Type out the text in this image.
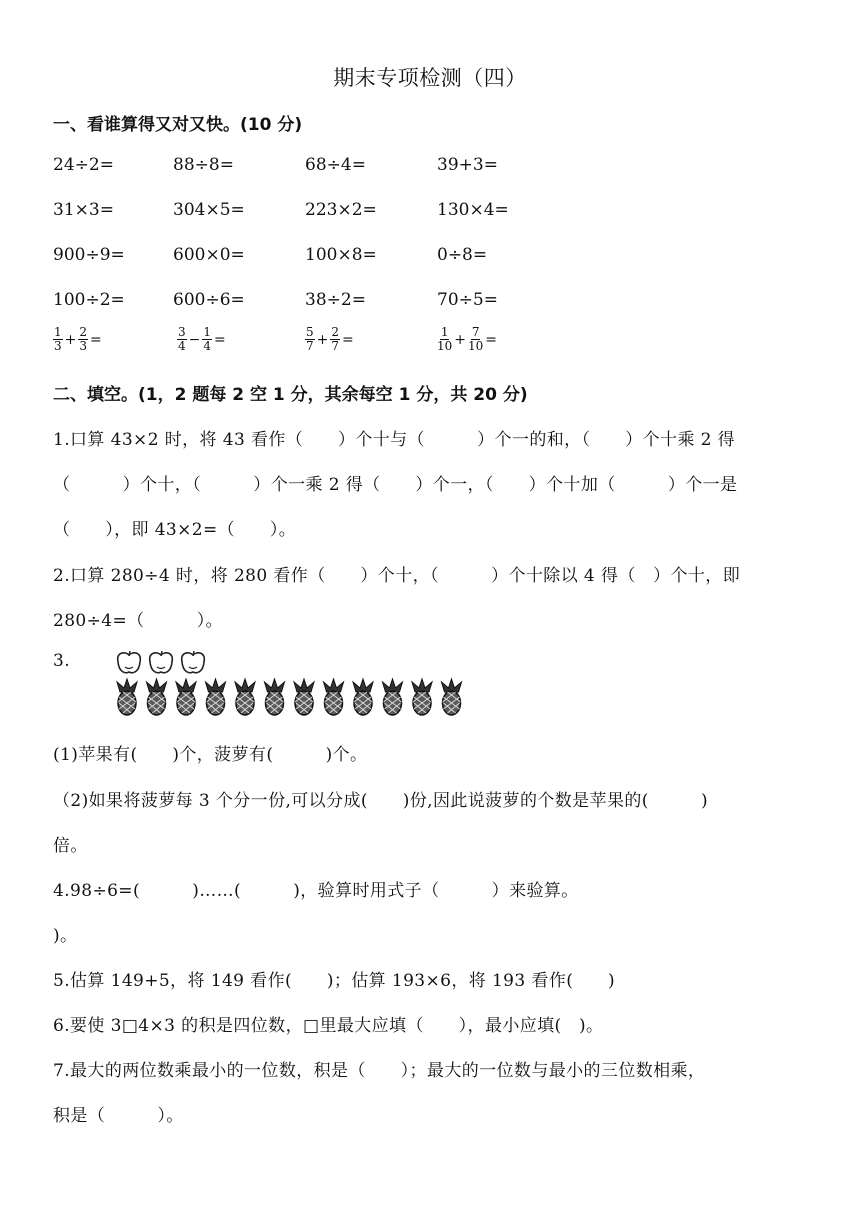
期末专项检测（四）
一、看谁算得又对又快。(10 分)
24÷2=	88÷8=	68÷4=	39+3=
31×3=	304×5=	223×2=	130×4=
900÷9=	600×0=	100×8=	0÷8=
100÷2=	600÷6=	38÷2=	70÷5=
$\frac{1}{3} + \frac{2}{3}$ =	$\frac{3}{4} - \frac{1}{4}$ =	$\frac{5}{7} + \frac{2}{7}$ =	$\frac{1}{10} + \frac{7}{10}$ =
二、填空。(1，2 题每 2 空 1 分，其余每空 1 分，共 20 分)
1.口算 43×2 时，将 43 看作（　　）个十与（　　　）个一的和，（　　）个十乘 2 得
（　　　）个十，（　　　）个一乘 2 得（　　）个一，（　　）个十加（　　　）个一是
（　　），即 43×2=（　　）。
2.口算 280÷4 时，将 280 看作（　　）个十，（　　　）个十除以 4 得（　）个十，即
280÷4=（　　　）。
3.
(1)苹果有(　　)个，菠萝有(　　　)个。
（2)如果将菠萝每 3 个分一份,可以分成(　　)份,因此说菠萝的个数是苹果的(　　　)
倍。
4.98÷6=(　　　)……(　　　)，验算时用式子（　　　）来验算。
)。
5.估算 149+5，将 149 看作(　　)；估算 193×6，将 193 看作(　　)
6.要使 3□4×3 的积是四位数，□里最大应填（　　），最小应填(　)。
7.最大的两位数乘最小的一位数，积是（　　）；最大的一位数与最小的三位数相乘，
积是（　　　）。
